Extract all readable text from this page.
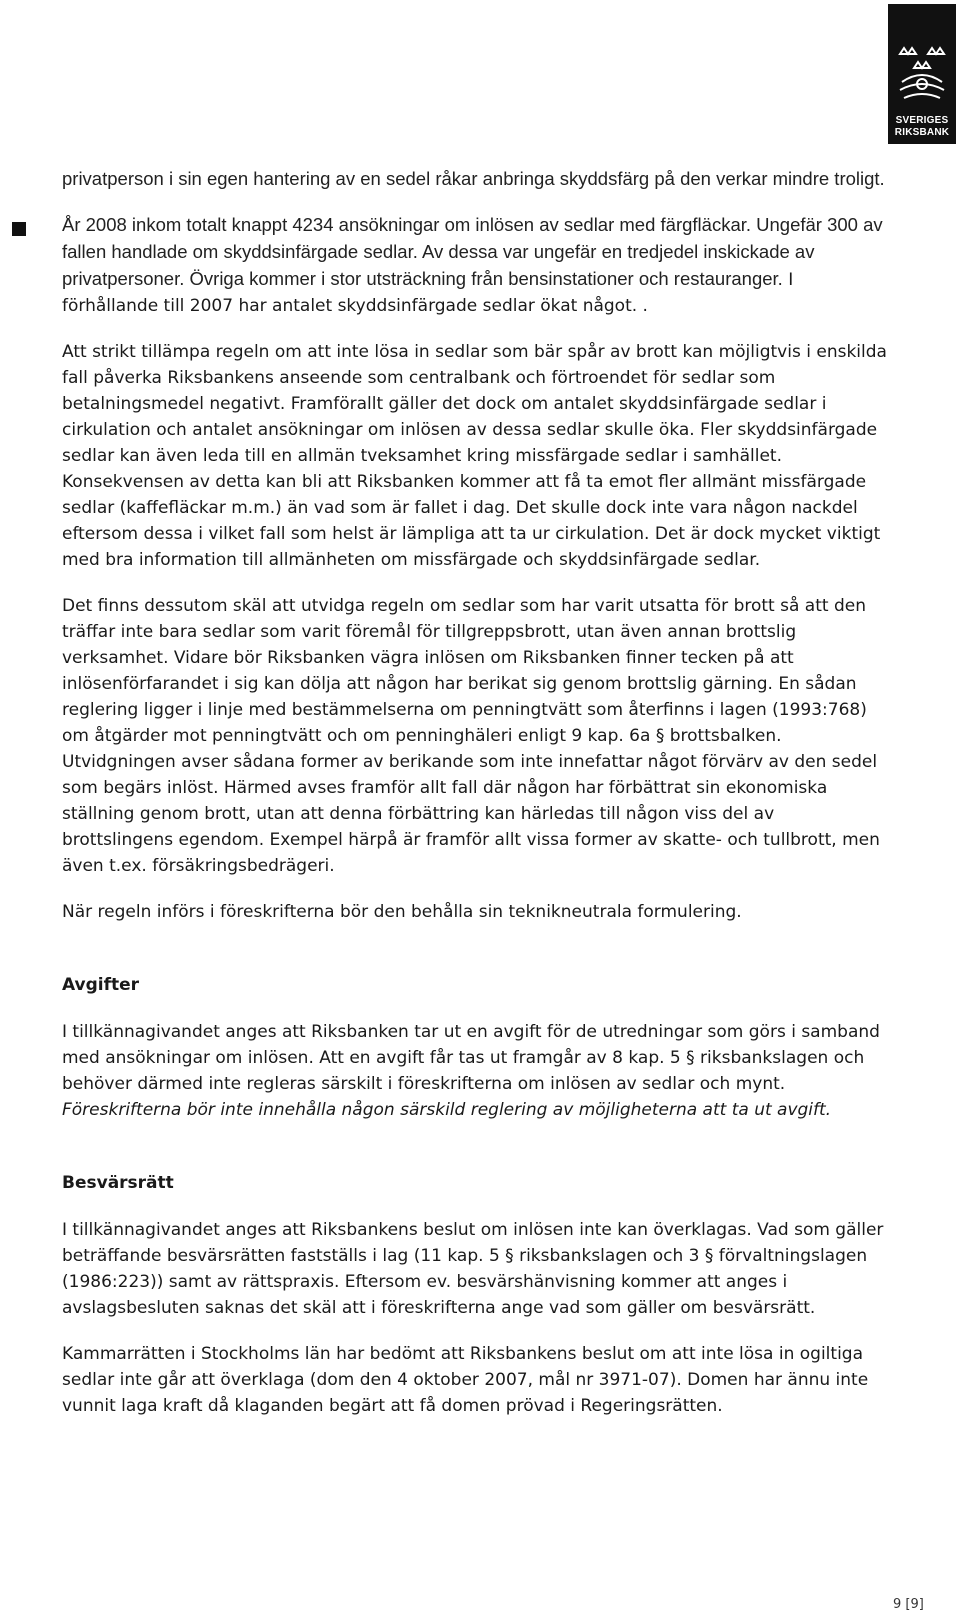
SVERIGES
RIKSBANK

privatperson i sin egen hantering av en sedel råkar anbringa skyddsfärg på den verkar mindre troligt.

År 2008 inkom totalt knappt 4234 ansökningar om inlösen av sedlar med färgfläckar. Ungefär 300 av fallen handlade om skyddsinfärgade sedlar. Av dessa var ungefär en tredjedel inskickade av privatpersoner. Övriga kommer i stor utsträckning från bensinstationer och restauranger. I förhållande till 2007 har antalet skyddsinfärgade sedlar ökat något. .

Att strikt tillämpa regeln om att inte lösa in sedlar som bär spår av brott kan möjligtvis i enskilda fall påverka Riksbankens anseende som centralbank och förtroendet för sedlar som betalningsmedel negativt. Framförallt gäller det dock om antalet skyddsinfärgade sedlar i cirkulation och antalet ansökningar om inlösen av dessa sedlar skulle öka. Fler skyddsinfärgade sedlar kan även leda till en allmän tveksamhet kring missfärgade sedlar i samhället. Konsekvensen av detta kan bli att Riksbanken kommer att få ta emot fler allmänt missfärgade sedlar (kaffefläckar m.m.) än vad som är fallet i dag. Det skulle dock inte vara någon nackdel eftersom dessa i vilket fall som helst är lämpliga att ta ur cirkulation. Det är dock mycket viktigt med bra information till allmänheten om missfärgade och skyddsinfärgade sedlar.

Det finns dessutom skäl att utvidga regeln om sedlar som har varit utsatta för brott så att den träffar inte bara sedlar som varit föremål för tillgreppsbrott, utan även annan brottslig verksamhet. Vidare bör Riksbanken vägra inlösen om Riksbanken finner tecken på att inlösenförfarandet i sig kan dölja att någon har berikat sig genom brottslig gärning. En sådan reglering ligger i linje med bestämmelserna om penningtvätt som återfinns i lagen (1993:768) om åtgärder mot penningtvätt och om penninghäleri enligt 9 kap. 6a § brottsbalken. Utvidgningen avser sådana former av berikande som inte innefattar något förvärv av den sedel som begärs inlöst. Härmed avses framför allt fall där någon har förbättrat sin ekonomiska ställning genom brott, utan att denna förbättring kan härledas till någon viss del av brottslingens egendom. Exempel härpå är framför allt vissa former av skatte- och tullbrott, men även t.ex. försäkringsbedrägeri.

När regeln införs i föreskrifterna bör den behålla sin teknikneutrala formulering.

Avgifter

I tillkännagivandet anges att Riksbanken tar ut en avgift för de utredningar som görs i samband med ansökningar om inlösen. Att en avgift får tas ut framgår av 8 kap. 5 § riksbankslagen och behöver därmed inte regleras särskilt i föreskrifterna om inlösen av sedlar och mynt. Föreskrifterna bör inte innehålla någon särskild reglering av möjligheterna att ta ut avgift.

Besvärsrätt

I tillkännagivandet anges att Riksbankens beslut om inlösen inte kan överklagas. Vad som gäller beträffande besvärsrätten fastställs i lag (11 kap. 5 § riksbankslagen och 3 § förvaltningslagen (1986:223)) samt av rättspraxis. Eftersom ev. besvärshänvisning kommer att anges i avslagsbesluten saknas det skäl att i föreskrifterna ange vad som gäller om besvärsrätt.

Kammarrätten i Stockholms län har bedömt att Riksbankens beslut om att inte lösa in ogiltiga sedlar inte går att överklaga (dom den 4 oktober 2007, mål nr 3971-07). Domen har ännu inte vunnit laga kraft då klaganden begärt att få domen prövad i Regeringsrätten.

9 [9]
